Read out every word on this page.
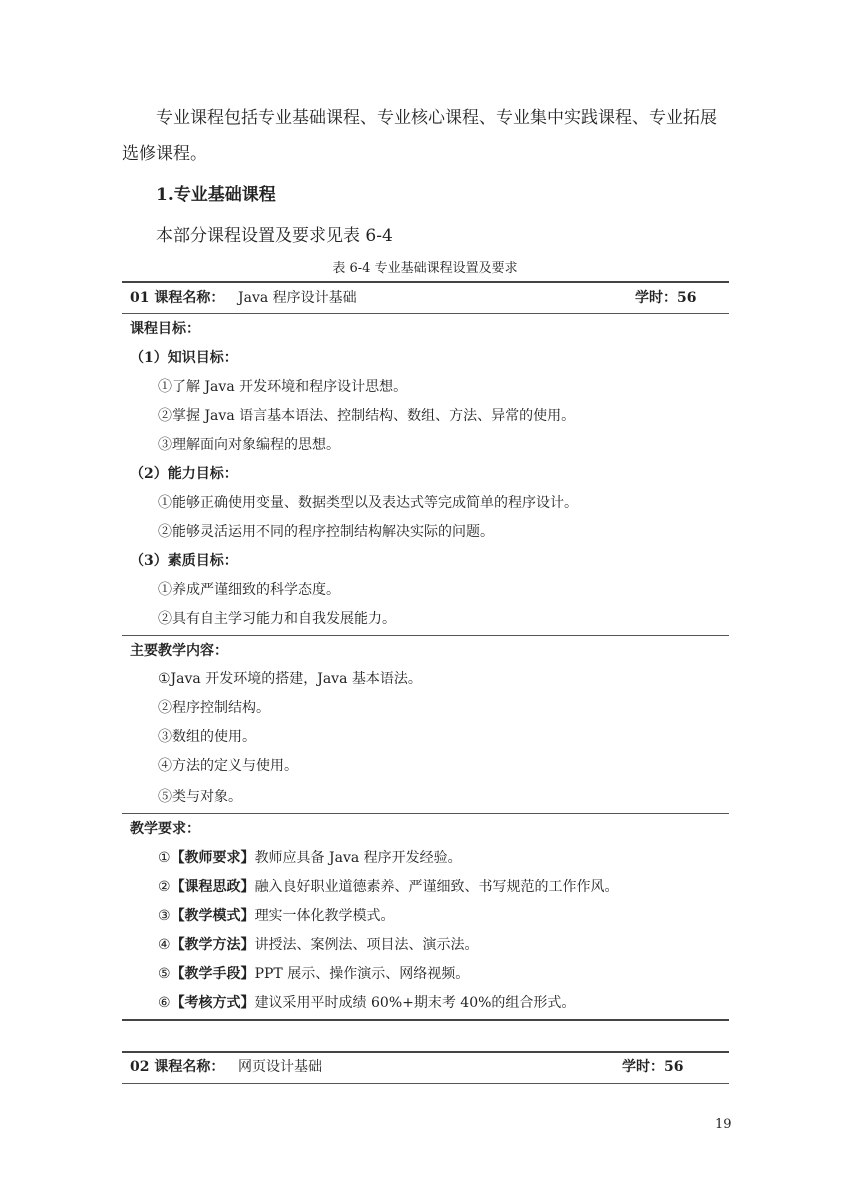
专业课程包括专业基础课程、专业核心课程、专业集中实践课程、专业拓展
选修课程。
1.专业基础课程
本部分课程设置及要求见表 6-4
表 6-4 专业基础课程设置及要求
01 课程名称： Java 程序设计基础	学时：56
课程目标：
（1）知识目标：
①了解 Java 开发环境和程序设计思想。
②掌握 Java 语言基本语法、控制结构、数组、方法、异常的使用。
③理解面向对象编程的思想。
（2）能力目标：
①能够正确使用变量、数据类型以及表达式等完成简单的程序设计。
②能够灵活运用不同的程序控制结构解决实际的问题。
（3）素质目标：
①养成严谨细致的科学态度。
②具有自主学习能力和自我发展能力。
主要教学内容：
①Java 开发环境的搭建，Java 基本语法。
②程序控制结构。
③数组的使用。
④方法的定义与使用。
⑤类与对象。
教学要求：
①【教师要求】教师应具备 Java 程序开发经验。
②【课程思政】融入良好职业道德素养、严谨细致、书写规范的工作作风。
③【教学模式】理实一体化教学模式。
④【教学方法】讲授法、案例法、项目法、演示法。
⑤【教学手段】PPT 展示、操作演示、网络视频。
⑥【考核方式】建议采用平时成绩 60%+期末考 40%的组合形式。
02 课程名称： 网页设计基础	学时：56
19
